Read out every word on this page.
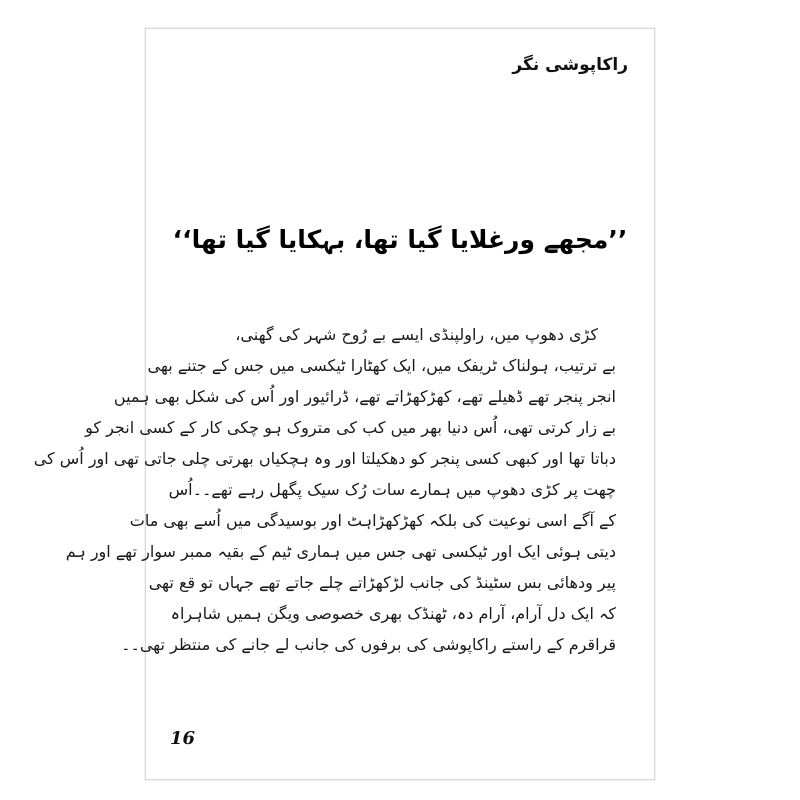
راکاپوشی نگر
’’مجھے ورغلایا گیا تھا، بہکایا گیا تھا‘‘
کڑی دھوپ میں، راولپنڈی ایسے بے رُوح شہر کی گھنی،
بے ترتیب، ہولناک ٹریفک میں، ایک کھٹارا ٹیکسی میں جس کے جتنے بھی
انجر پنجر تھے ڈھیلے تھے، کھڑکھڑاتے تھے، ڈرائیور اور اُس کی شکل بھی ہمیں
بے زار کرتی تھی، اُس دنیا بھر میں کب کی متروک ہو چکی کار کے کسی انجر کو
دباتا تھا اور کبھی کسی پنجر کو دھکیلتا اور وہ ہچکیاں بھرتی چلی جاتی تھی اور اُس کی
چھت پر کڑی دھوپ میں ہمارے سات رُک سیک پگھل رہے تھے۔۔اُس
کے آگے اسی نوعیت کی بلکہ کھڑکھڑاہٹ اور بوسیدگی میں اُسے بھی مات
دیتی ہوئی ایک اور ٹیکسی تھی جس میں ہماری ٹیم کے بقیہ ممبر سوار تھے اور ہم
پیر ودھائی بس سٹینڈ کی جانب لڑکھڑاتے چلے جاتے تھے جہاں تو قع تھی
کہ ایک دل آرام، آرام دہ، ٹھنڈک بھری خصوصی ویگن ہمیں شاہراہ
قراقرم کے راستے راکاپوشی کی برفوں کی جانب لے جانے کی منتظر تھی۔۔
16
